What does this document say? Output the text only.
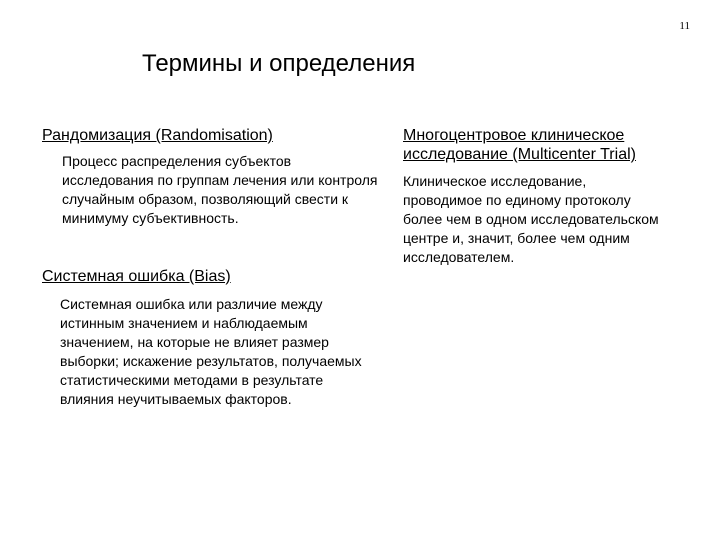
11
Термины и определения
Рандомизация (Randomisation)
Процесс распределения субъектов исследования по группам лечения или контроля случайным образом, позволяющий свести к минимуму субъективность.
Системная ошибка (Bias)
Системная ошибка или различие между истинным значением и наблюдаемым значением, на которые не влияет размер выборки; искажение результатов, получаемых статистическими методами в результате влияния неучитываемых факторов.
Многоцентровое клиническое исследование (Multicenter Trial)
Клиническое исследование, проводимое по единому протоколу более чем в одном исследовательском центре и, значит, более чем одним исследователем.
